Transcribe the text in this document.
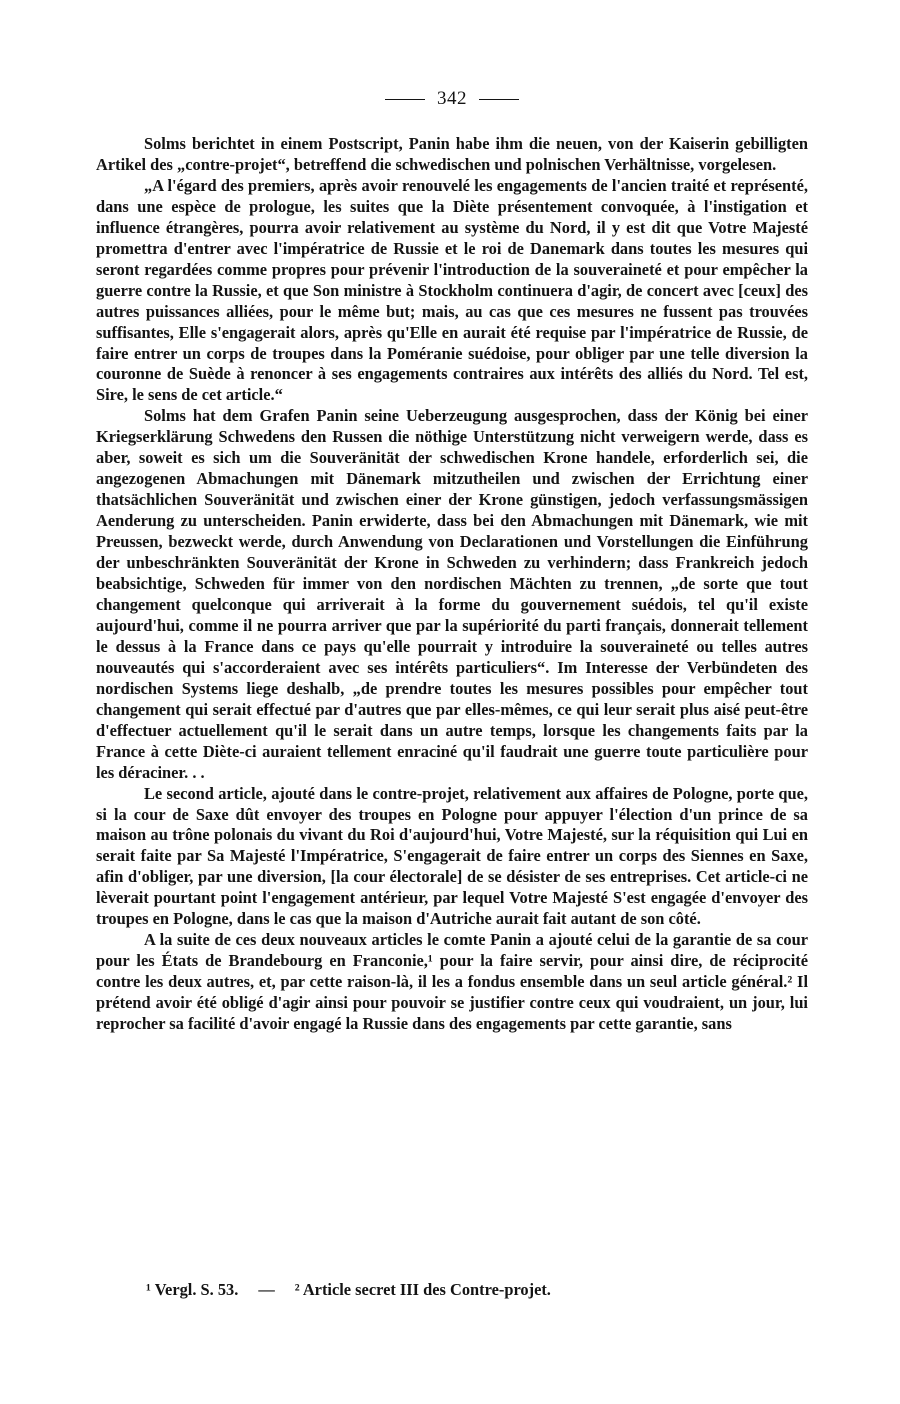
342

Solms berichtet in einem Postscript, Panin habe ihm die neuen, von der Kaiserin gebilligten Artikel des „contre-projet“, betreffend die schwedischen und polnischen Verhältnisse, vorgelesen.

„A l'égard des premiers, après avoir renouvelé les engagements de l'ancien traité et représenté, dans une espèce de prologue, les suites que la Diète présentement convoquée, à l'instigation et influence étrangères, pourra avoir relativement au système du Nord, il y est dit que Votre Majesté promettra d'entrer avec l'impératrice de Russie et le roi de Danemark dans toutes les mesures qui seront regardées comme propres pour prévenir l'introduction de la souveraineté et pour empêcher la guerre contre la Russie, et que Son ministre à Stockholm continuera d'agir, de concert avec [ceux] des autres puissances alliées, pour le même but; mais, au cas que ces mesures ne fussent pas trouvées suffisantes, Elle s'engagerait alors, après qu'Elle en aurait été requise par l'impératrice de Russie, de faire entrer un corps de troupes dans la Poméranie suédoise, pour obliger par une telle diversion la couronne de Suède à renoncer à ses engagements contraires aux intérêts des alliés du Nord. Tel est, Sire, le sens de cet article.“

Solms hat dem Grafen Panin seine Ueberzeugung ausgesprochen, dass der König bei einer Kriegserklärung Schwedens den Russen die nöthige Unterstützung nicht verweigern werde, dass es aber, soweit es sich um die Souveränität der schwedischen Krone handele, erforderlich sei, die angezogenen Abmachungen mit Dänemark mitzutheilen und zwischen der Errichtung einer thatsächlichen Souveränität und zwischen einer der Krone günstigen, jedoch verfassungsmässigen Aenderung zu unterscheiden. Panin erwiderte, dass bei den Abmachungen mit Dänemark, wie mit Preussen, bezweckt werde, durch Anwendung von Declarationen und Vorstellungen die Einführung der unbeschränkten Souveränität der Krone in Schweden zu verhindern; dass Frankreich jedoch beabsichtige, Schweden für immer von den nordischen Mächten zu trennen, „de sorte que tout changement quelconque qui arriverait à la forme du gouvernement suédois, tel qu'il existe aujourd'hui, comme il ne pourra arriver que par la supériorité du parti français, donnerait tellement le dessus à la France dans ce pays qu'elle pourrait y introduire la souveraineté ou telles autres nouveautés qui s'accorderaient avec ses intérêts particuliers“. Im Interesse der Verbündeten des nordischen Systems liege deshalb, „de prendre toutes les mesures possibles pour empêcher tout changement qui serait effectué par d'autres que par elles-mêmes, ce qui leur serait plus aisé peut-être d'effectuer actuellement qu'il le serait dans un autre temps, lorsque les changements faits par la France à cette Diète-ci auraient tellement enraciné qu'il faudrait une guerre toute particulière pour les déraciner. . .

Le second article, ajouté dans le contre-projet, relativement aux affaires de Pologne, porte que, si la cour de Saxe dût envoyer des troupes en Pologne pour appuyer l'élection d'un prince de sa maison au trône polonais du vivant du Roi d'aujourd'hui, Votre Majesté, sur la réquisition qui Lui en serait faite par Sa Majesté l'Impératrice, S'engagerait de faire entrer un corps des Siennes en Saxe, afin d'obliger, par une diversion, [la cour électorale] de se désister de ses entreprises. Cet article-ci ne lèverait pourtant point l'engagement antérieur, par lequel Votre Majesté S'est engagée d'envoyer des troupes en Pologne, dans le cas que la maison d'Autriche aurait fait autant de son côté.

A la suite de ces deux nouveaux articles le comte Panin a ajouté celui de la garantie de sa cour pour les États de Brandebourg en Franconie,¹ pour la faire servir, pour ainsi dire, de réciprocité contre les deux autres, et, par cette raison-là, il les a fondus ensemble dans un seul article général.² Il prétend avoir été obligé d'agir ainsi pour pouvoir se justifier contre ceux qui voudraient, un jour, lui reprocher sa facilité d'avoir engagé la Russie dans des engagements par cette garantie, sans

¹ Vergl. S. 53. — ² Article secret III des Contre-projet.
